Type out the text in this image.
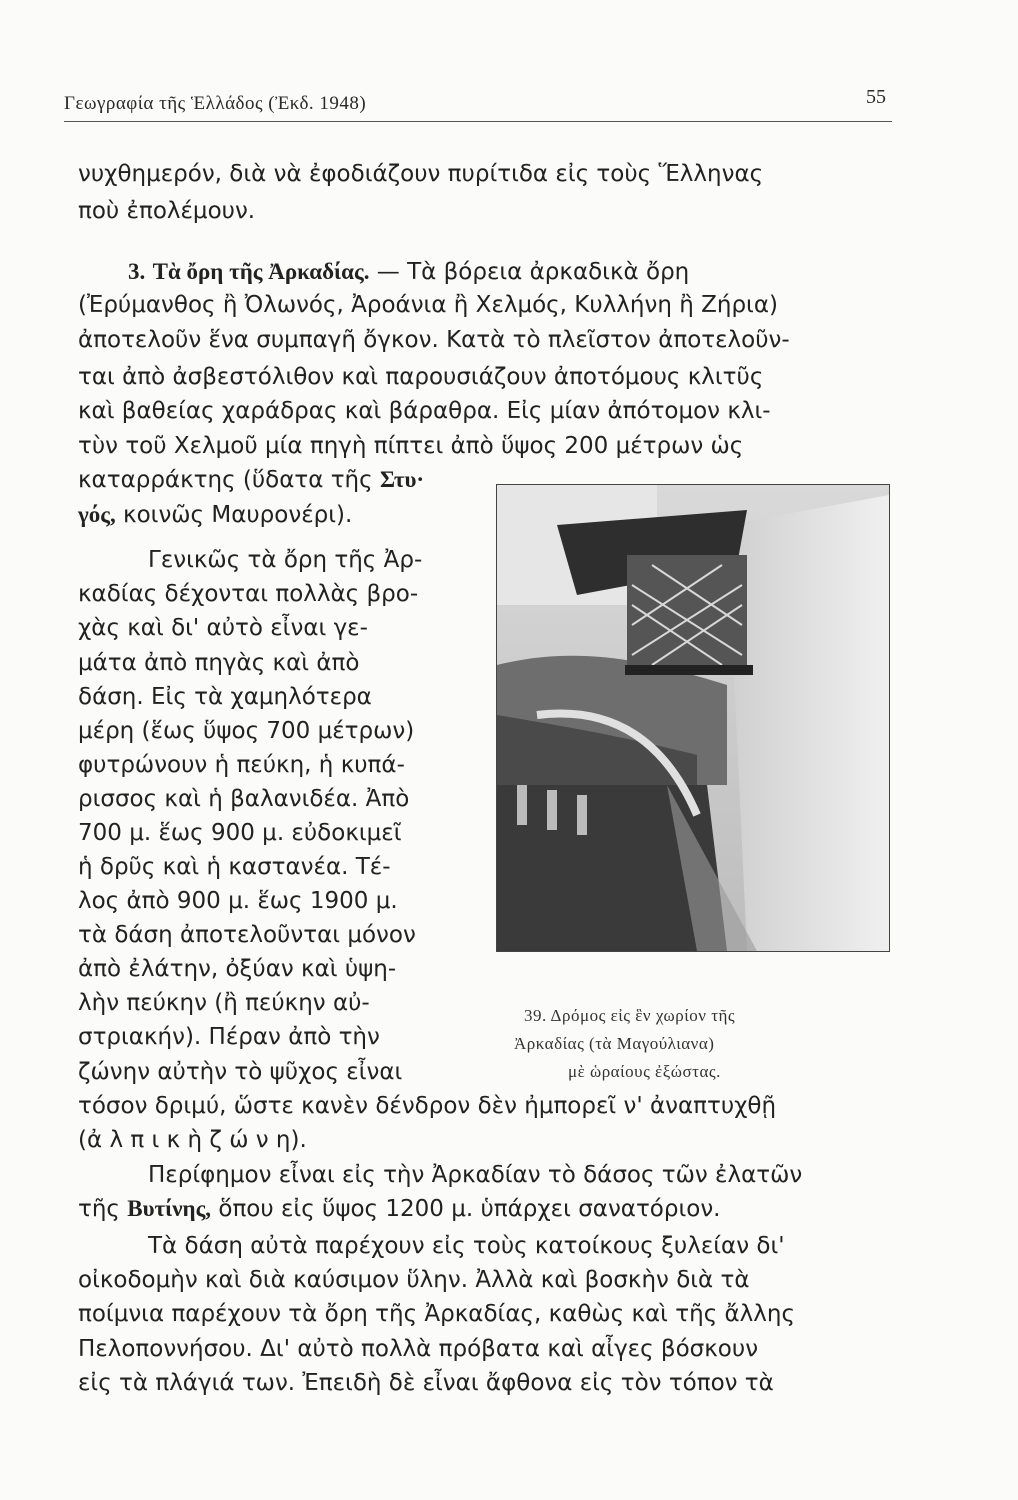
Γεωγραφία τῆς Ἑλλάδος (Ἐκδ. 1948)	55
νυχθημερόν, διὰ νὰ ἐφοδιάζουν πυρίτιδα εἰς τοὺς Ἕλληνας
ποὺ ἐπολέμουν.
3. Τὰ ὄρη τῆς Ἀρκαδίας. — Τὰ βόρεια ἀρκαδικὰ ὄρη
(Ἐρύμανθος ἢ Ὀλωνός, Ἀροάνια ἢ Χελμός, Κυλλήνη ἢ Ζήρια)
ἀποτελοῦν ἕνα συμπαγῆ ὄγκον. Κατὰ τὸ πλεῖστον ἀποτελοῦν-
ται ἀπὸ ἀσβεστόλιθον καὶ παρουσιάζουν ἀποτόμους κλιτῦς
καὶ βαθείας χαράδρας καὶ βάραθρα. Εἰς μίαν ἀπότομον κλι-
τὺν τοῦ Χελμοῦ μία πηγὴ πίπτει ἀπὸ ὕψος 200 μέτρων ὡς
καταρράκτης (ὕδατα τῆς Στυ·
γός, κοινῶς Μαυρονέρι).
Γενικῶς τὰ ὄρη τῆς Ἀρ-
καδίας δέχονται πολλὰς βρο-
χὰς καὶ δι' αὐτὸ εἶναι γε-
μάτα ἀπὸ πηγὰς καὶ ἀπὸ
δάση. Εἰς τὰ χαμηλότερα
μέρη (ἕως ὕψος 700 μέτρων)
φυτρώνουν ἡ πεύκη, ἡ κυπά-
ρισσος καὶ ἡ βαλανιδέα. Ἀπὸ
700 μ. ἕως 900 μ. εὐδοκιμεῖ
ἡ δρῦς καὶ ἡ καστανέα. Τέ-
λος ἀπὸ 900 μ. ἕως 1900 μ.
τὰ δάση ἀποτελοῦνται μόνον
ἀπὸ ἐλάτην, ὀξύαν καὶ ὑψη-
λὴν πεύκην (ἢ πεύκην αὐ-
στριακήν). Πέραν ἀπὸ τὴν
ζώνην αὐτὴν τὸ ψῦχος εἶναι
τόσον δριμύ, ὥστε κανὲν δένδρον δὲν ἠμπορεῖ ν' ἀναπτυχθῇ
(ἀ λ π ι κ ὴ ζ ώ ν η).
Περίφημον εἶναι εἰς τὴν Ἀρκαδίαν τὸ δάσος τῶν ἐλατῶν
τῆς Βυτίνης, ὅπου εἰς ὕψος 1200 μ. ὑπάρχει σανατόριον.
Τὰ δάση αὐτὰ παρέχουν εἰς τοὺς κατοίκους ξυλείαν δι'
οἰκοδομὴν καὶ διὰ καύσιμον ὕλην. Ἀλλὰ καὶ βοσκὴν διὰ τὰ
ποίμνια παρέχουν τὰ ὄρη τῆς Ἀρκαδίας, καθὼς καὶ τῆς ἄλλης
Πελοποννήσου. Δι' αὐτὸ πολλὰ πρόβατα καὶ αἶγες βόσκουν
εἰς τὰ πλάγιά των. Ἐπειδὴ δὲ εἶναι ἄφθονα εἰς τὸν τόπον τὰ
39. Δρόμος εἰς ἓν χωρίον τῆς
Ἀρκαδίας (τὰ Μαγούλιανα)
μὲ ὡραίους ἐξώστας.
